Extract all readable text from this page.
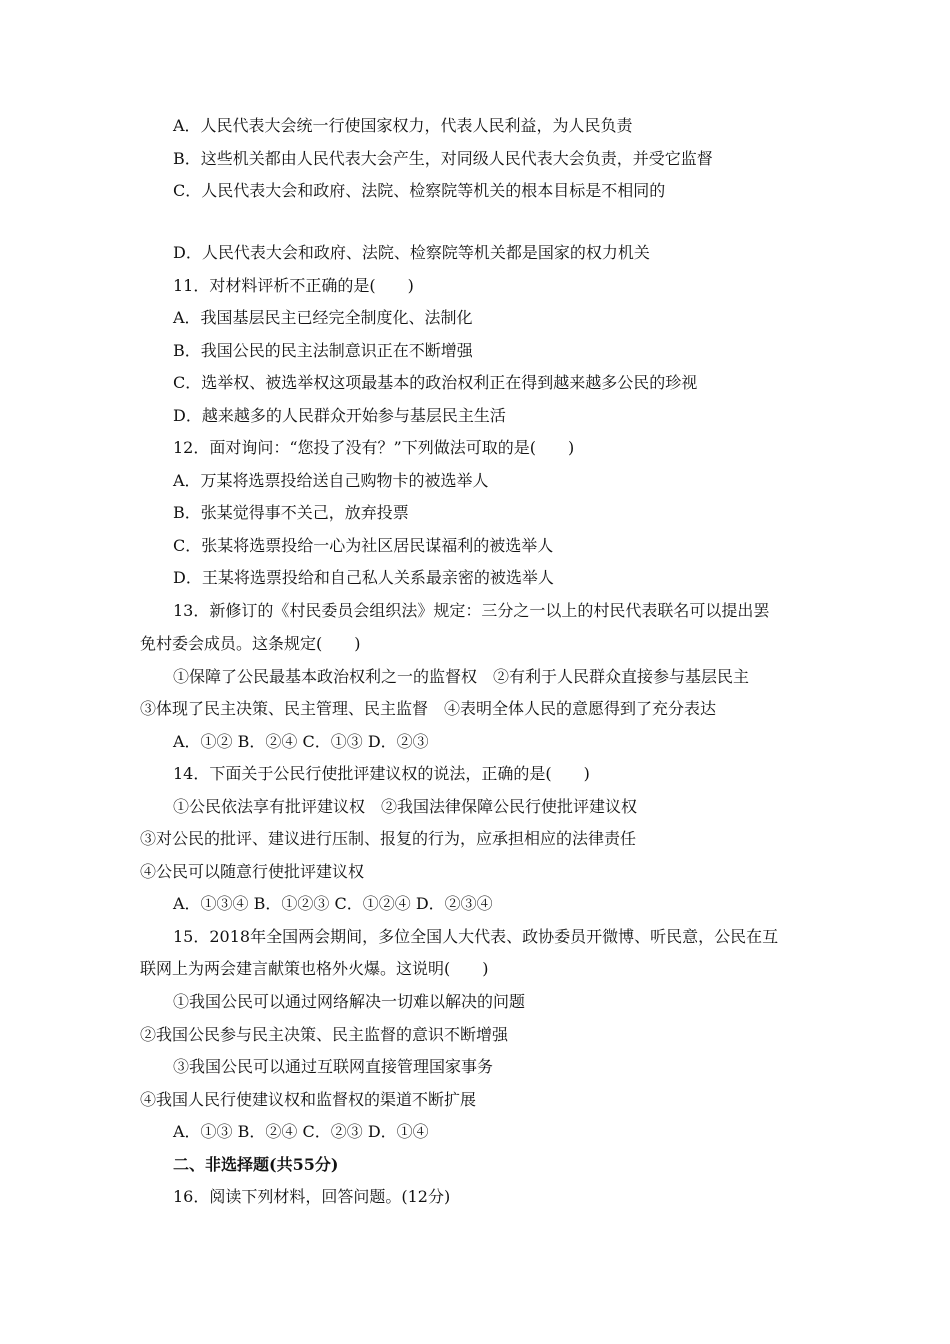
A．人民代表大会统一行使国家权力，代表人民利益，为人民负责
B．这些机关都由人民代表大会产生，对同级人民代表大会负责，并受它监督
C．人民代表大会和政府、法院、检察院等机关的根本目标是不相同的
D．人民代表大会和政府、法院、检察院等机关都是国家的权力机关
11．对材料评析不正确的是(　　)
A．我国基层民主已经完全制度化、法制化
B．我国公民的民主法制意识正在不断增强
C．选举权、被选举权这项最基本的政治权利正在得到越来越多公民的珍视
D．越来越多的人民群众开始参与基层民主生活
12．面对询问：“您投了没有？”下列做法可取的是(　　)
A．万某将选票投给送自己购物卡的被选举人
B．张某觉得事不关己，放弃投票
C．张某将选票投给一心为社区居民谋福利的被选举人
D．王某将选票投给和自己私人关系最亲密的被选举人
13．新修订的《村民委员会组织法》规定：三分之一以上的村民代表联名可以提出罢
免村委会成员。这条规定(　　)
①保障了公民最基本政治权利之一的监督权　②有利于人民群众直接参与基层民主
③体现了民主决策、民主管理、民主监督　④表明全体人民的意愿得到了充分表达
A．①② B．②④ C．①③ D．②③
14．下面关于公民行使批评建议权的说法，正确的是(　　)
①公民依法享有批评建议权　②我国法律保障公民行使批评建议权
③对公民的批评、建议进行压制、报复的行为，应承担相应的法律责任
④公民可以随意行使批评建议权
A．①③④ B．①②③ C．①②④ D．②③④
15．2018年全国两会期间，多位全国人大代表、政协委员开微博、听民意，公民在互
联网上为两会建言献策也格外火爆。这说明(　　)
①我国公民可以通过网络解决一切难以解决的问题
②我国公民参与民主决策、民主监督的意识不断增强
③我国公民可以通过互联网直接管理国家事务
④我国人民行使建议权和监督权的渠道不断扩展
A．①③ B．②④ C．②③ D．①④
二、非选择题(共55分)
16．阅读下列材料，回答问题。(12分)
